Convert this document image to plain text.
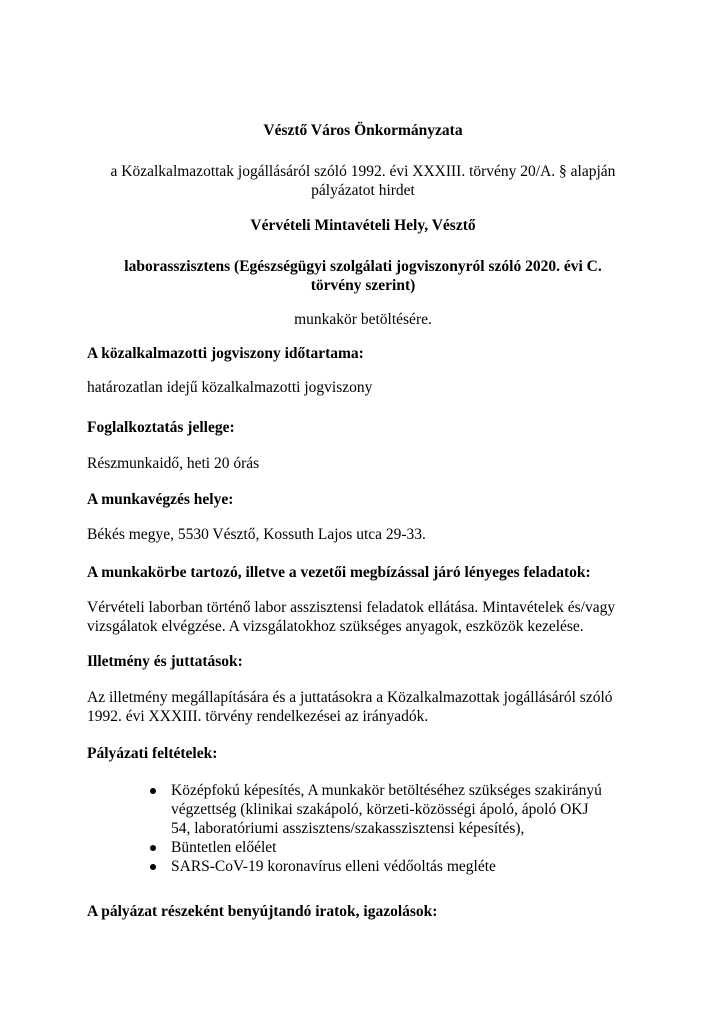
Vésztő Város Önkormányzata

a Közalkalmazottak jogállásáról szóló 1992. évi XXXIII. törvény 20/A. § alapján
pályázatot hirdet

Vérvételi Mintavételi Hely, Vésztő

laborasszisztens (Egészségügyi szolgálati jogviszonyról szóló 2020. évi C.
törvény szerint)

munkakör betöltésére.

A közalkalmazotti jogviszony időtartama:

határozatlan idejű közalkalmazotti jogviszony

Foglalkoztatás jellege:

Részmunkaidő, heti 20 órás

A munkavégzés helye:

Békés megye, 5530 Vésztő, Kossuth Lajos utca 29-33.

A munkakörbe tartozó, illetve a vezetői megbízással járó lényeges feladatok:

Vérvételi laborban történő labor asszisztensi feladatok ellátása. Mintavételek és/vagy
vizsgálatok elvégzése. A vizsgálatokhoz szükséges anyagok, eszközök kezelése.

Illetmény és juttatások:

Az illetmény megállapítására és a juttatásokra a Közalkalmazottak jogállásáról szóló
1992. évi XXXIII. törvény rendelkezései az irányadók.

Pályázati feltételek:

Középfokú képesítés, A munkakör betöltéséhez szükséges szakirányú
végzettség (klinikai szakápoló, körzeti-közösségi ápoló, ápoló OKJ
54, laboratóriumi asszisztens/szakasszisztensi képesítés),
Büntetlen előélet
SARS-CoV-19 koronavírus elleni védőoltás megléte

A pályázat részeként benyújtandó iratok, igazolások:
